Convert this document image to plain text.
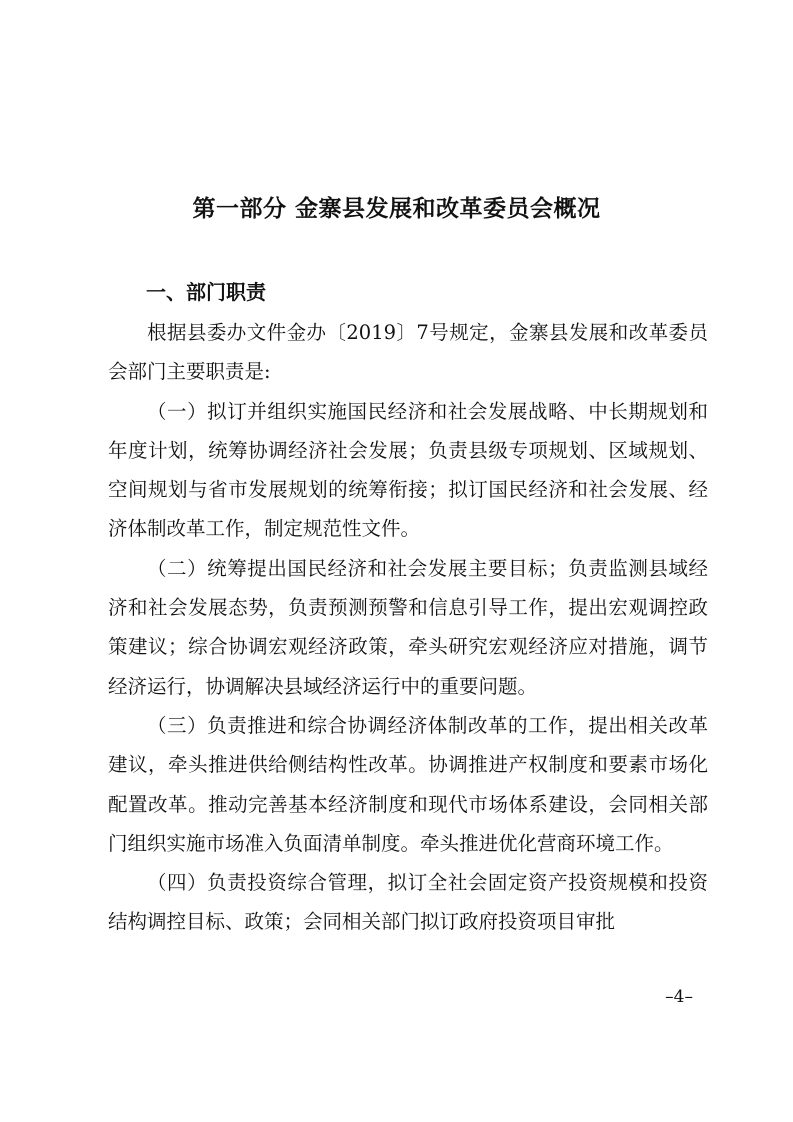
第一部分 金寨县发展和改革委员会概况
一、部门职责

根据县委办文件金办〔2019〕7号规定，金寨县发展和改革委员会部门主要职责是:

（一）拟订并组织实施国民经济和社会发展战略、中长期规划和年度计划，统筹协调经济社会发展；负责县级专项规划、区域规划、空间规划与省市发展规划的统筹衔接；拟订国民经济和社会发展、经济体制改革工作，制定规范性文件。

（二）统筹提出国民经济和社会发展主要目标；负责监测县域经济和社会发展态势，负责预测预警和信息引导工作，提出宏观调控政策建议；综合协调宏观经济政策，牵头研究宏观经济应对措施，调节经济运行，协调解决县域经济运行中的重要问题。

（三）负责推进和综合协调经济体制改革的工作，提出相关改革建议，牵头推进供给侧结构性改革。协调推进产权制度和要素市场化配置改革。推动完善基本经济制度和现代市场体系建设，会同相关部门组织实施市场准入负面清单制度。牵头推进优化营商环境工作。

（四）负责投资综合管理，拟订全社会固定资产投资规模和投资结构调控目标、政策；会同相关部门拟订政府投资项目审批

–4–
